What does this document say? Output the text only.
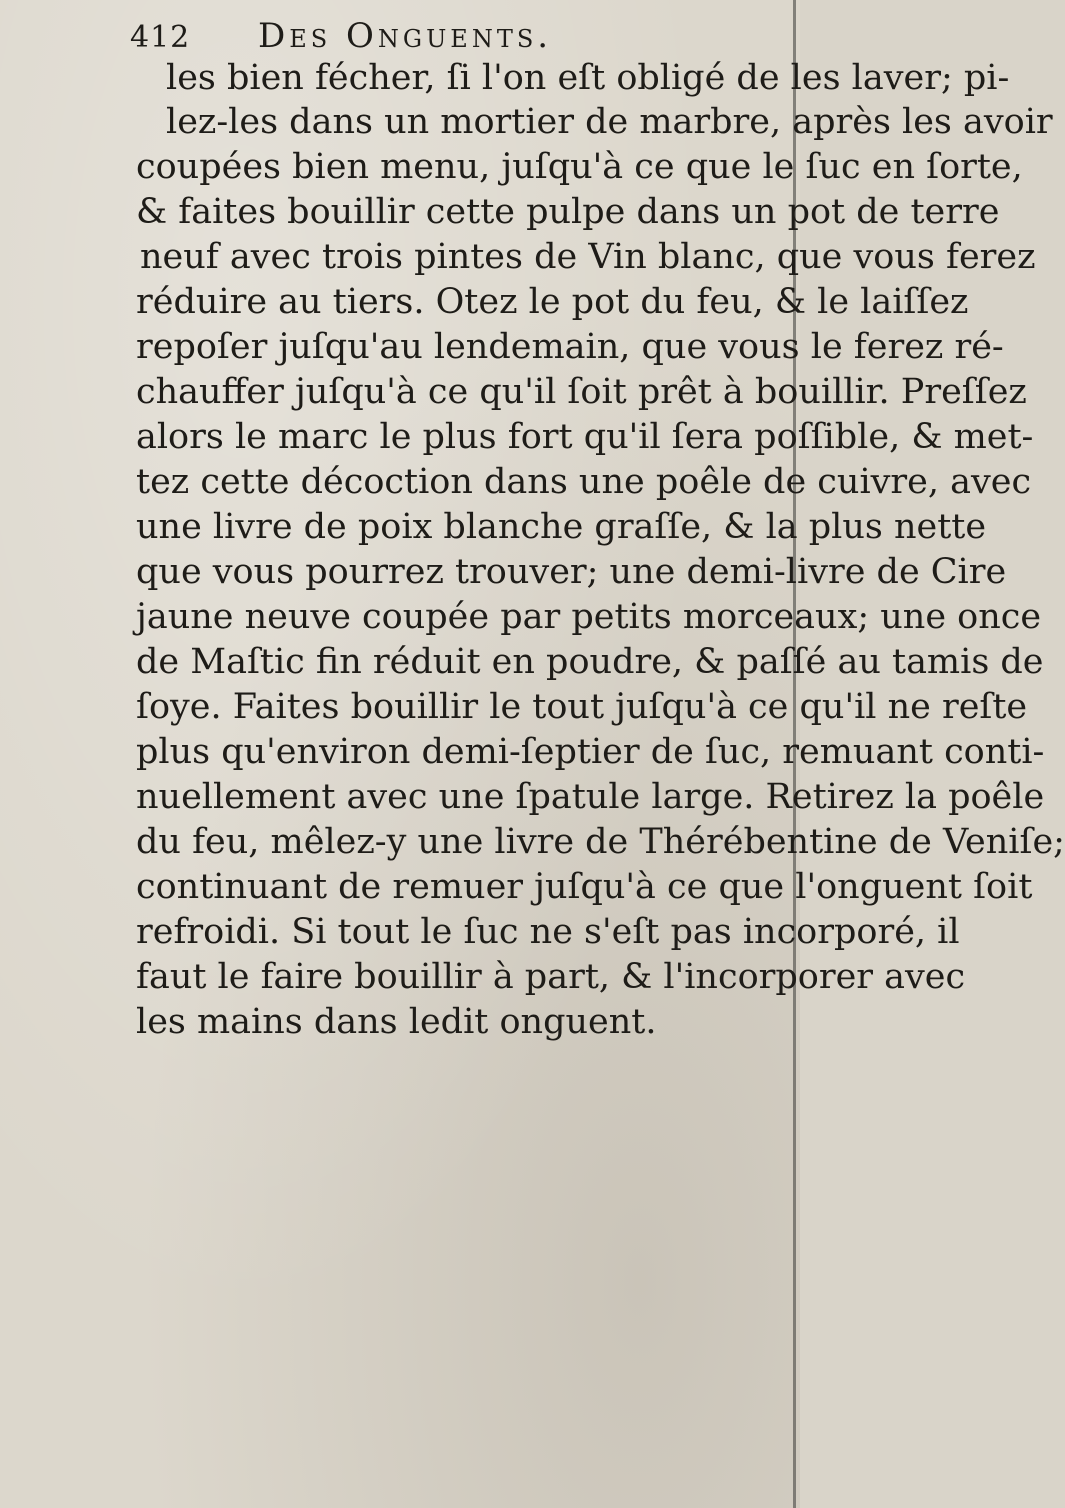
412 Des Onguents.
les bien fécher, ſi l'on eſt obligé de les laver; pi-
lez-les dans un mortier de marbre, après les avoir
coupées bien menu, juſqu'à ce que le ſuc en ſorte,
& faites bouillir cette pulpe dans un pot de terre
neuf avec trois pintes de Vin blanc, que vous ferez
réduire au tiers. Otez le pot du feu, & le laiſſez
repoſer juſqu'au lendemain, que vous le ferez ré-
chauffer juſqu'à ce qu'il ſoit prêt à bouillir. Preſſez
alors le marc le plus fort qu'il ſera poſſible, & met-
tez cette décoction dans une poêle de cuivre, avec
une livre de poix blanche graſſe, & la plus nette
que vous pourrez trouver; une demi-livre de Cire
jaune neuve coupée par petits morceaux; une once
de Maſtic fin réduit en poudre, & paſſé au tamis de
ſoye. Faites bouillir le tout juſqu'à ce qu'il ne reſte
plus qu'environ demi-ſeptier de ſuc, remuant conti-
nuellement avec une ſpatule large. Retirez la poêle
du feu, mêlez-y une livre de Thérébentine de Veniſe;
continuant de remuer juſqu'à ce que l'onguent ſoit
refroidi. Si tout le ſuc ne s'eſt pas incorporé, il
faut le faire bouillir à part, & l'incorporer avec
les mains dans ledit onguent.
